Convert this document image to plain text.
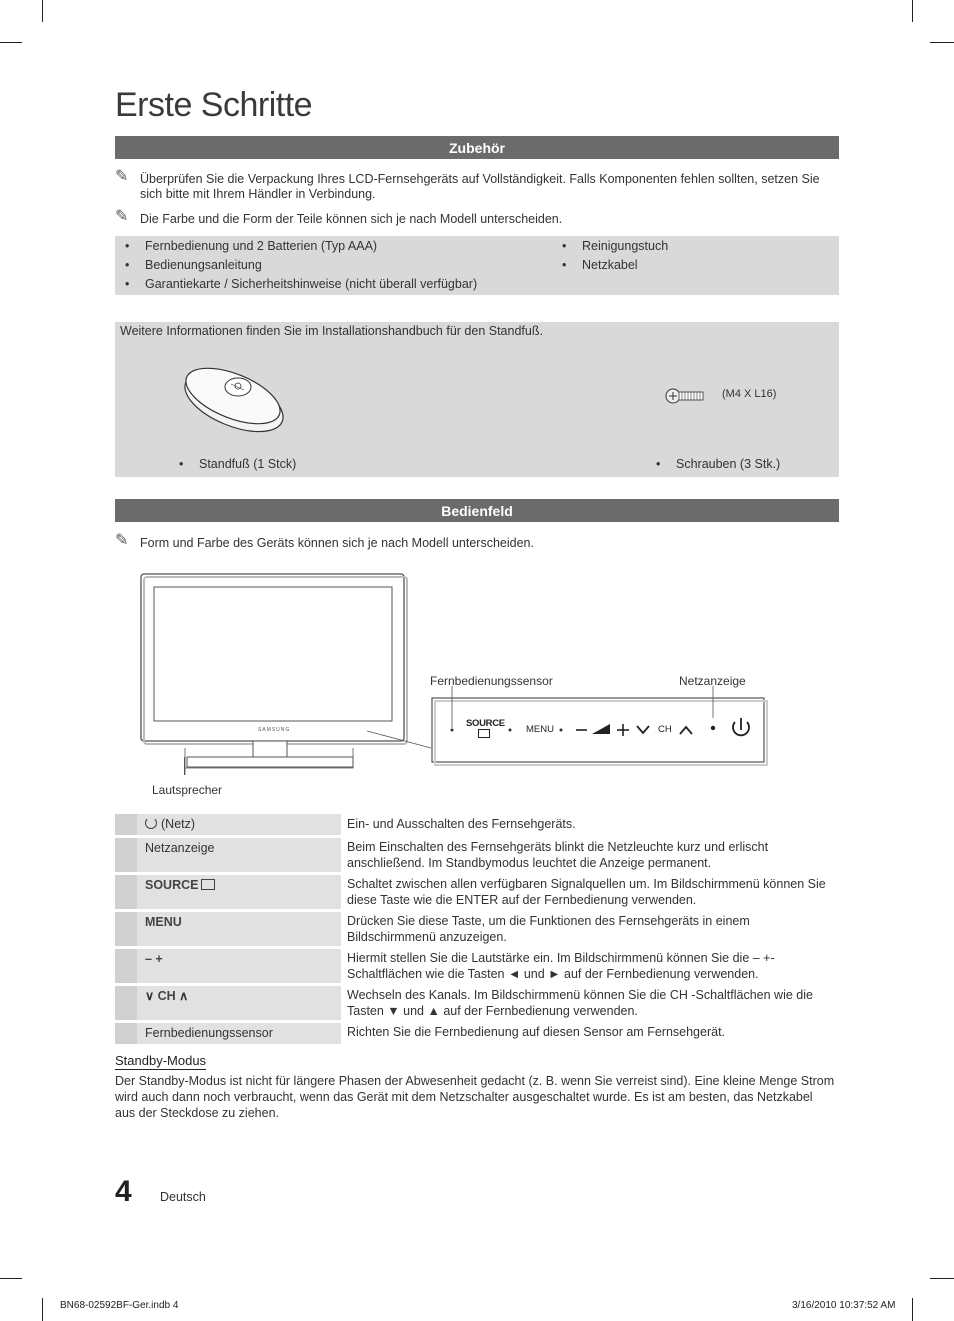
Erste Schritte
Zubehör
✎ Überprüfen Sie die Verpackung Ihres LCD-Fernsehgeräts auf Vollständigkeit. Falls Komponenten fehlen sollten, setzen Sie sich bitte mit Ihrem Händler in Verbindung.
✎ Die Farbe und die Form der Teile können sich je nach Modell unterscheiden.
• Fernbedienung und 2 Batterien (Typ AAA)
• Bedienungsanleitung
• Garantiekarte / Sicherheitshinweise (nicht überall verfügbar)
• Reinigungstuch
• Netzkabel
Weitere Informationen finden Sie im Installationshandbuch für den Standfuß.
(M4 X L16)
• Standfuß (1 Stck)	• Schrauben (3 Stk.)
Bedienfeld
✎ Form und Farbe des Geräts können sich je nach Modell unterscheiden.
SAMSUNG
SOURCE
MENU	CH
Fernbedienungssensor	Netzanzeige
Lautsprecher
	(Netz)	Ein- und Ausschalten des Fernsehgeräts.
	Netzanzeige	Beim Einschalten des Fernsehgeräts blinkt die Netzleuchte kurz und erlischt anschließend. Im Standbymodus leuchtet die Anzeige permanent.
	SOURCE	Schaltet zwischen allen verfügbaren Signalquellen um. Im Bildschirmmenü können Sie diese Taste wie die ENTER auf der Fernbedienung verwenden.
	MENU	Drücken Sie diese Taste, um die Funktionen des Fernsehgeräts in einem Bildschirmmenü anzuzeigen.
	– +	Hiermit stellen Sie die Lautstärke ein. Im Bildschirmmenü können Sie die – +-Schaltflächen wie die Tasten ◄ und ► auf der Fernbedienung verwenden.
	∨ CH ∧	Wechseln des Kanals. Im Bildschirmmenü können Sie die CH -Schaltflächen wie die Tasten ▼ und ▲ auf der Fernbedienung verwenden.
	Fernbedienungssensor	Richten Sie die Fernbedienung auf diesen Sensor am Fernsehgerät.
Standby-Modus
Der Standby-Modus ist nicht für längere Phasen der Abwesenheit gedacht (z. B. wenn Sie verreist sind). Eine kleine Menge Strom wird auch dann noch verbraucht, wenn das Gerät mit dem Netzschalter ausgeschaltet wurde. Es ist am besten, das Netzkabel aus der Steckdose zu ziehen.
4 Deutsch
BN68-02592BF-Ger.indb 4	3/16/2010 10:37:52 AM
